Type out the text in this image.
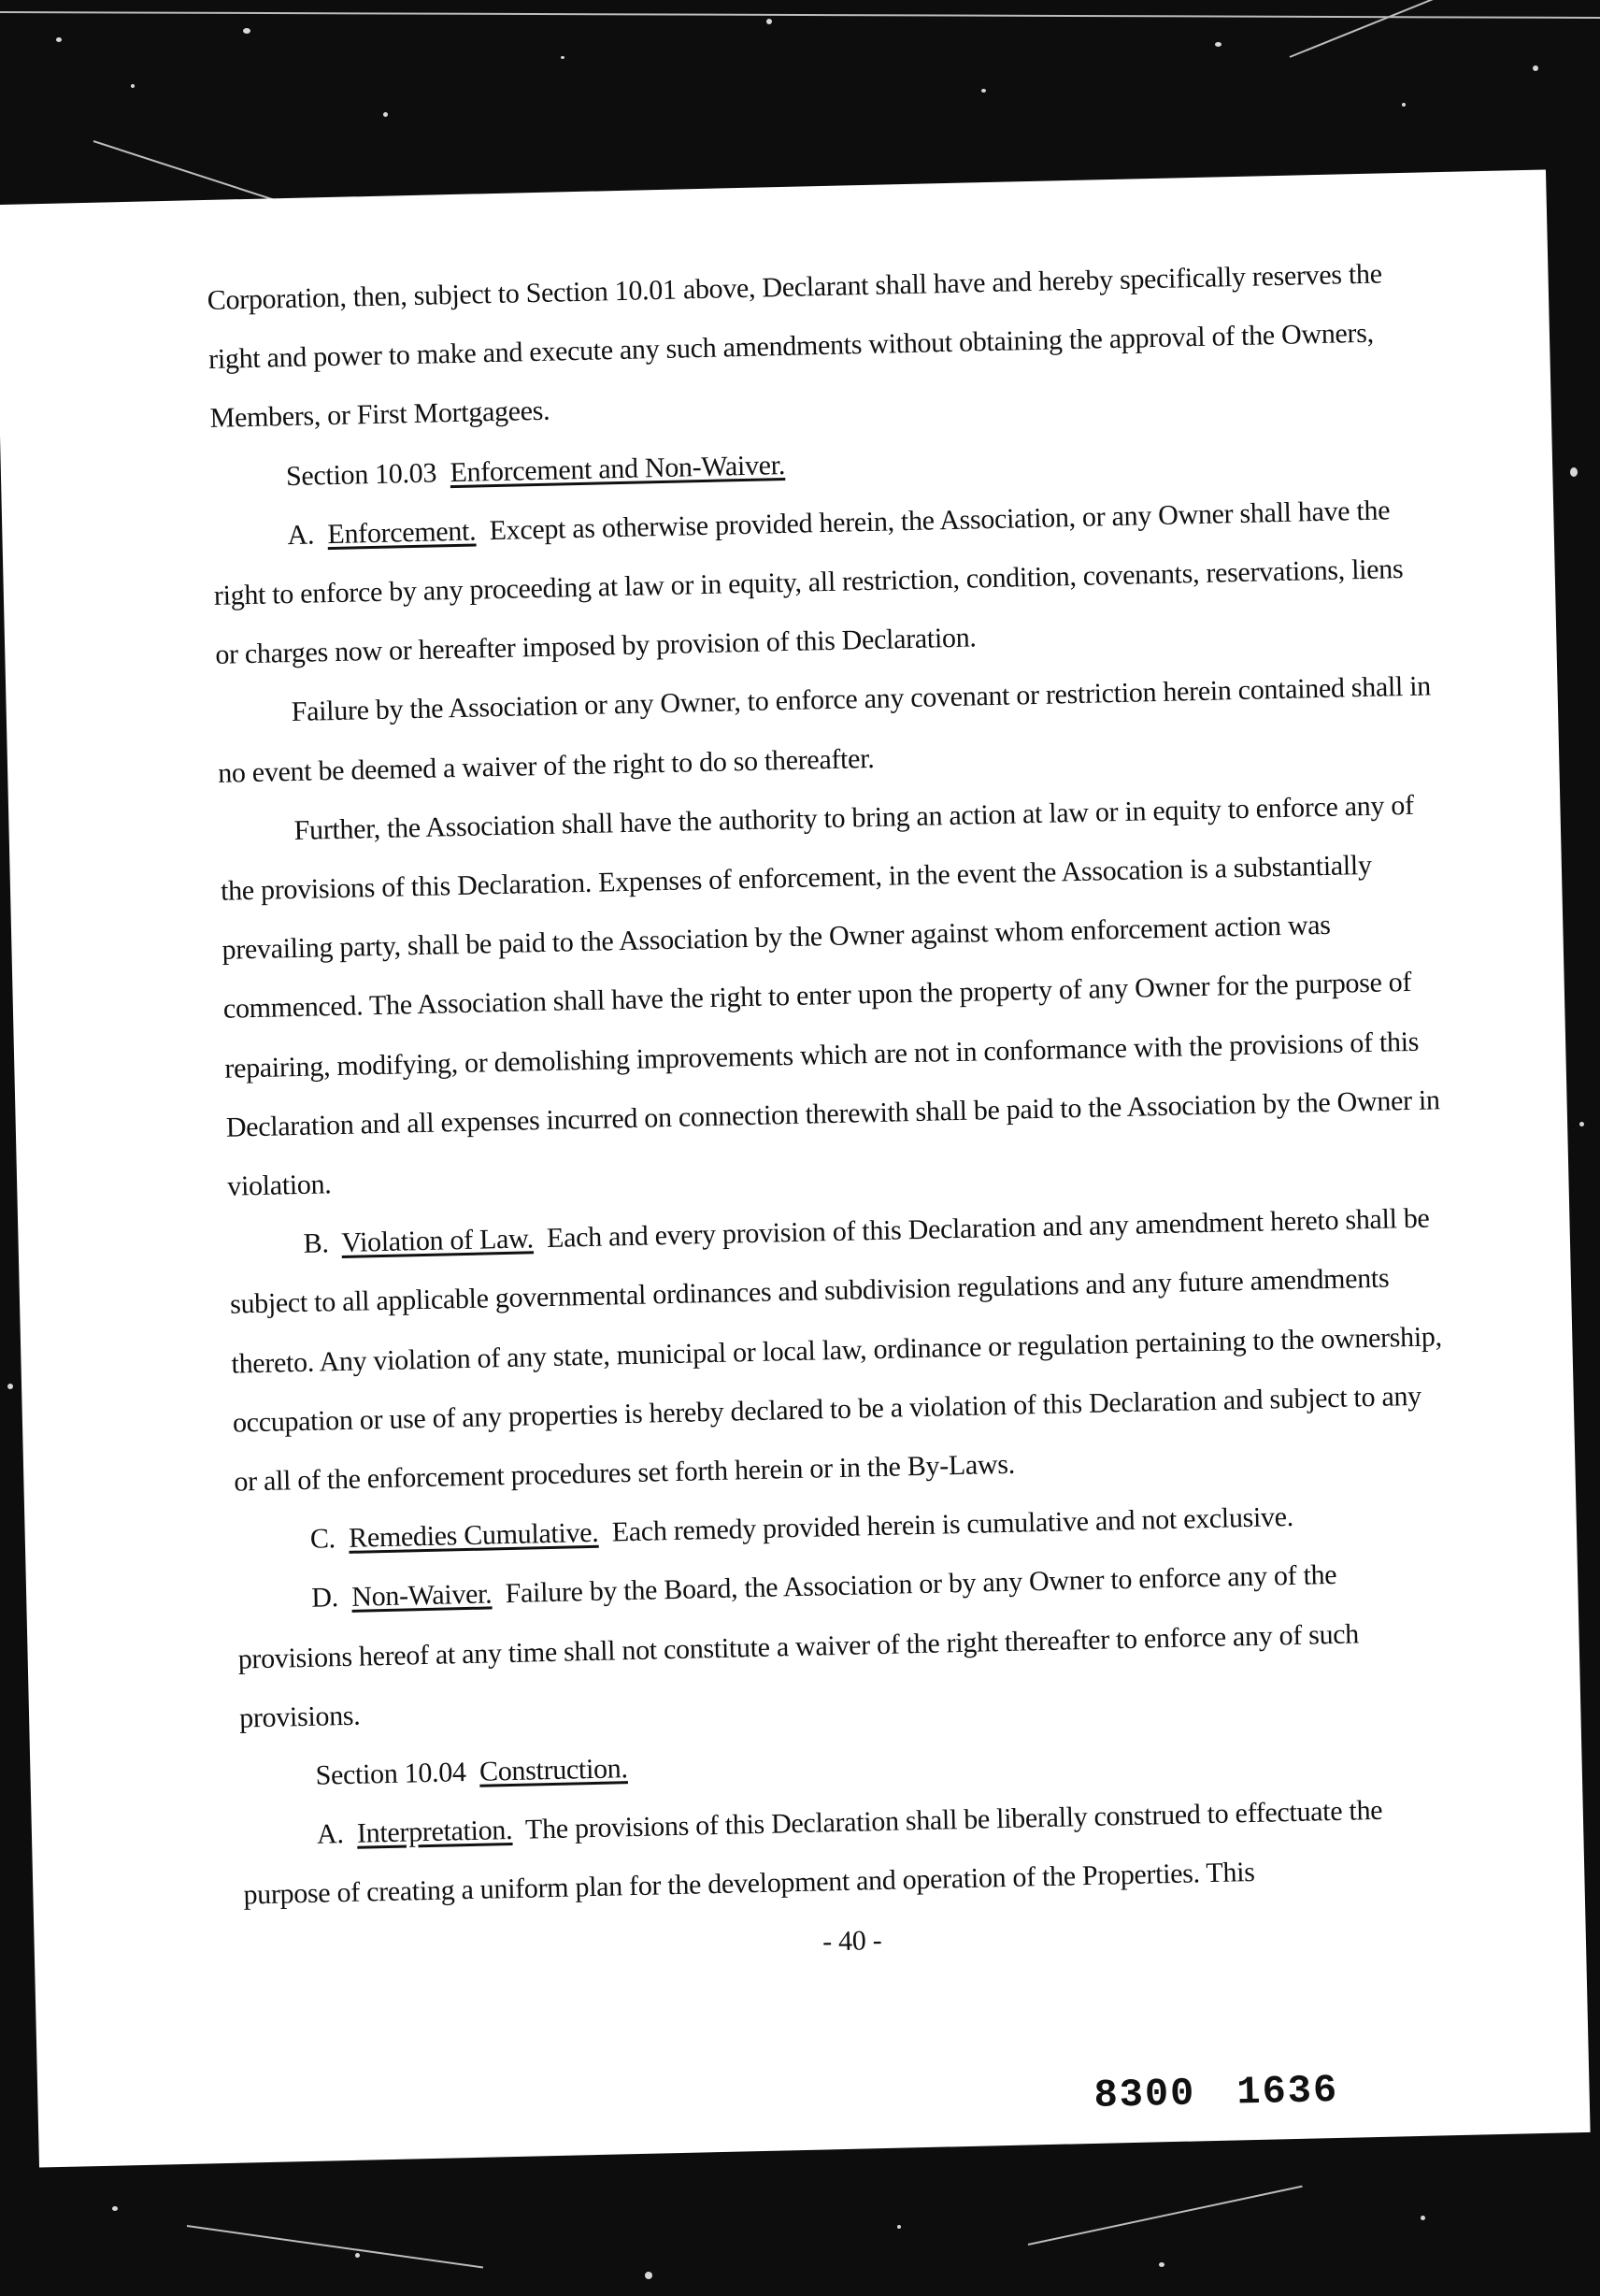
Corporation, then, subject to Section 10.01 above, Declarant shall have and hereby specifically reserves the right and power to make and execute any such amendments without obtaining the approval of the Owners, Members, or First Mortgagees.

Section 10.03 Enforcement and Non-Waiver.

A. Enforcement. Except as otherwise provided herein, the Association, or any Owner shall have the right to enforce by any proceeding at law or in equity, all restriction, condition, covenants, reservations, liens or charges now or hereafter imposed by provision of this Declaration.

Failure by the Association or any Owner, to enforce any covenant or restriction herein contained shall in no event be deemed a waiver of the right to do so thereafter.

Further, the Association shall have the authority to bring an action at law or in equity to enforce any of the provisions of this Declaration. Expenses of enforcement, in the event the Assocation is a substantially prevailing party, shall be paid to the Association by the Owner against whom enforcement action was commenced. The Association shall have the right to enter upon the property of any Owner for the purpose of repairing, modifying, or demolishing improvements which are not in conformance with the provisions of this Declaration and all expenses incurred on connection therewith shall be paid to the Association by the Owner in violation.

B. Violation of Law. Each and every provision of this Declaration and any amendment hereto shall be subject to all applicable governmental ordinances and subdivision regulations and any future amendments thereto. Any violation of any state, municipal or local law, ordinance or regulation pertaining to the ownership, occupation or use of any properties is hereby declared to be a violation of this Declaration and subject to any or all of the enforcement procedures set forth herein or in the By-Laws.

C. Remedies Cumulative. Each remedy provided herein is cumulative and not exclusive.

D. Non-Waiver. Failure by the Board, the Association or by any Owner to enforce any of the provisions hereof at any time shall not constitute a waiver of the right thereafter to enforce any of such provisions.

Section 10.04 Construction.

A. Interpretation. The provisions of this Declaration shall be liberally construed to effectuate the purpose of creating a uniform plan for the development and operation of the Properties. This

- 40 -

8300 1636
